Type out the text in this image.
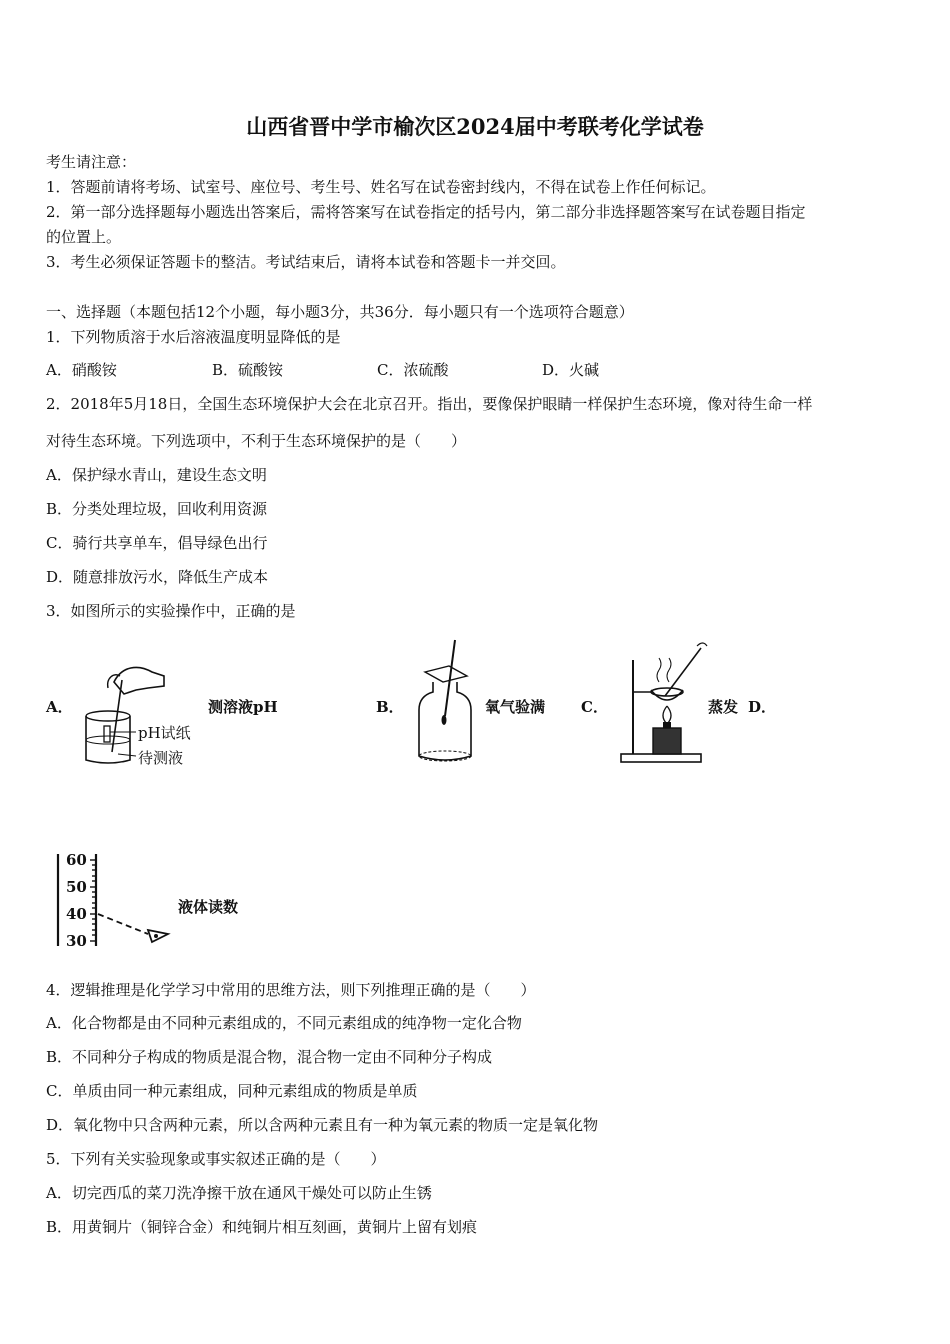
山西省晋中学市榆次区2024届中考联考化学试卷
考生请注意：
1．答题前请将考场、试室号、座位号、考生号、姓名写在试卷密封线内，不得在试卷上作任何标记。
2．第一部分选择题每小题选出答案后，需将答案写在试卷指定的括号内，第二部分非选择题答案写在试卷题目指定
的位置上。
3．考生必须保证答题卡的整洁。考试结束后，请将本试卷和答题卡一并交回。
一、选择题（本题包括12个小题，每小题3分，共36分．每小题只有一个选项符合题意）
1．下列物质溶于水后溶液温度明显降低的是
A．硝酸铵	B．硫酸铵	C．浓硫酸	D．火碱
2．2018年5月18日，全国生态环境保护大会在北京召开。指出，要像保护眼睛一样保护生态环境，像对待生命一样
对待生态环境。下列选项中，不利于生态环境保护的是（　　）
A．保护绿水青山，建设生态文明
B．分类处理垃圾，回收利用资源
C．骑行共享单车，倡导绿色出行
D．随意排放污水，降低生产成本
3．如图所示的实验操作中，正确的是
A．
pH试纸
待测液
测溶液pH	B．	氧气验满 C．	蒸发 D．
60
50
40
30
液体读数
4．逻辑推理是化学学习中常用的思维方法，则下列推理正确的是（　　）
A．化合物都是由不同种元素组成的，不同元素组成的纯净物一定化合物
B．不同种分子构成的物质是混合物，混合物一定由不同种分子构成
C．单质由同一种元素组成，同种元素组成的物质是单质
D．氧化物中只含两种元素，所以含两种元素且有一种为氧元素的物质一定是氧化物
5．下列有关实验现象或事实叙述正确的是（　　）
A．切完西瓜的菜刀洗净擦干放在通风干燥处可以防止生锈
B．用黄铜片（铜锌合金）和纯铜片相互刻画，黄铜片上留有划痕
